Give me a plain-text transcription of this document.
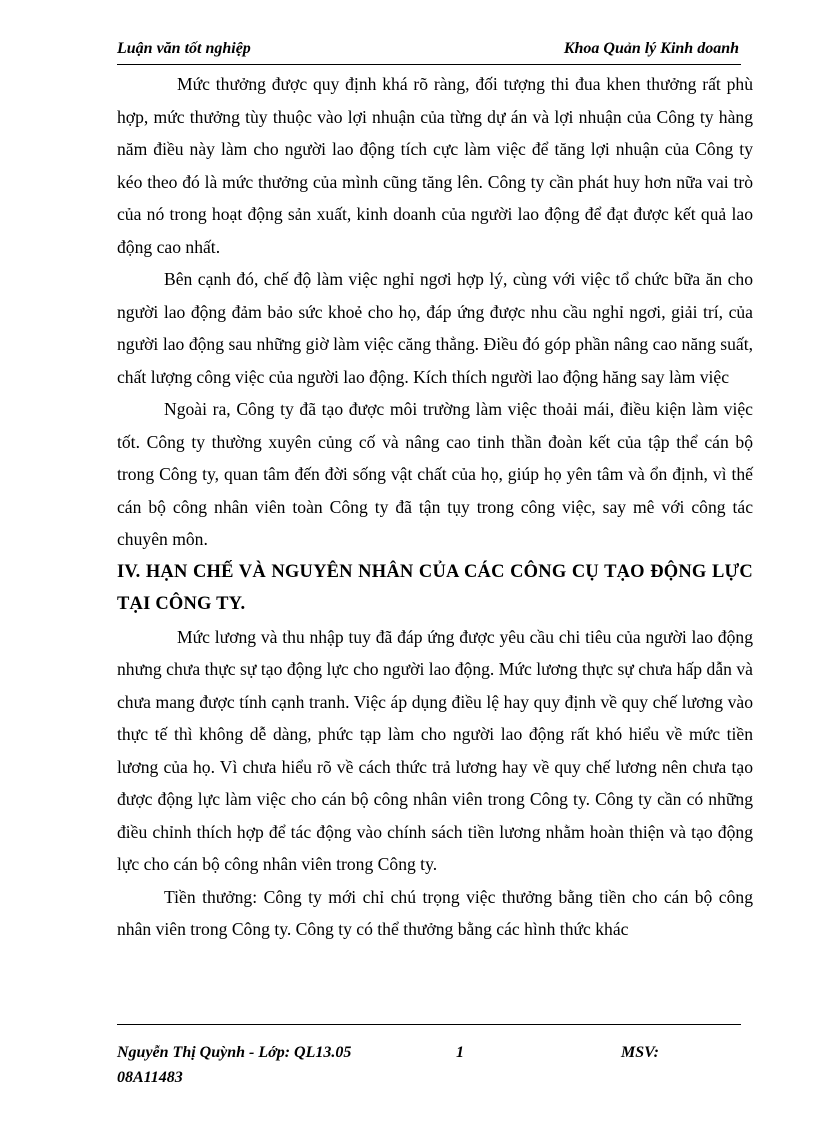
Luận văn tốt nghiệp	Khoa Quản lý Kinh doanh

Mức thưởng được quy định khá rõ ràng, đối tượng thi đua khen thưởng rất phù hợp, mức thưởng tùy thuộc vào lợi nhuận của từng dự án và lợi nhuận của Công ty hàng năm điều này làm cho người lao động tích cực làm việc để tăng lợi nhuận của Công ty kéo theo đó là mức thưởng của mình cũng tăng lên. Công ty cần phát huy hơn nữa vai trò của nó trong hoạt động sản xuất, kinh doanh của người lao động để đạt được kết quả lao động cao nhất.

Bên cạnh đó, chế độ làm việc nghỉ ngơi hợp lý, cùng với việc tổ chức bữa ăn cho người lao động đảm bảo sức khoẻ cho họ, đáp ứng được nhu cầu nghỉ ngơi, giải trí, của người lao động sau những giờ làm việc căng thẳng. Điều đó góp phần nâng cao năng suất, chất lượng công việc của người lao động. Kích thích người lao động hăng say làm việc

Ngoài ra, Công ty đã tạo được môi trường làm việc thoải mái, điều kiện làm việc tốt. Công ty thường xuyên củng cố và nâng cao tinh thần đoàn kết của tập thể cán bộ trong Công ty, quan tâm đến đời sống vật chất của họ, giúp họ yên tâm và ổn định, vì thế cán bộ công nhân viên toàn Công ty đã tận tụy trong công việc, say mê với công tác chuyên môn.

IV. HẠN CHẾ VÀ NGUYÊN NHÂN CỦA CÁC CÔNG CỤ TẠO ĐỘNG LỰC TẠI CÔNG TY.

Mức lương và thu nhập tuy đã đáp ứng được yêu cầu chi tiêu của người lao động nhưng chưa thực sự tạo động lực cho người lao động. Mức lương thực sự chưa hấp dẫn và chưa mang được tính cạnh tranh. Việc áp dụng điều lệ hay quy định về quy chế lương vào thực tế thì không dễ dàng, phức tạp làm cho người lao động rất khó hiểu về mức tiền lương của họ. Vì chưa hiểu rõ về cách thức trả lương hay về quy chế lương nên chưa tạo được động lực làm việc cho cán bộ công nhân viên trong Công ty. Công ty cần có những điều chỉnh thích hợp để tác động vào chính sách tiền lương nhằm hoàn thiện và tạo động lực cho cán bộ công nhân viên trong Công ty.

Tiền thưởng: Công ty mới chỉ chú trọng việc thưởng bằng tiền cho cán bộ công nhân viên trong Công ty. Công ty có thể thưởng bằng các hình thức khác

Nguyễn Thị Quỳnh - Lớp: QL13.05	1	MSV:
08A11483
